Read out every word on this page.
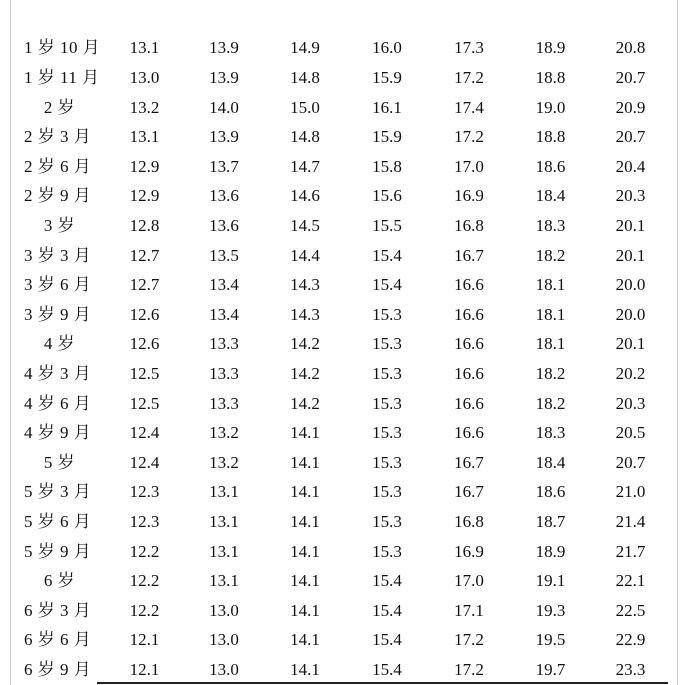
1 岁 10 月	13.1	13.9	14.9	16.0	17.3	18.9	20.8
1 岁 11 月	13.0	13.9	14.8	15.9	17.2	18.8	20.7
2 岁	13.2	14.0	15.0	16.1	17.4	19.0	20.9
2 岁 3 月	13.1	13.9	14.8	15.9	17.2	18.8	20.7
2 岁 6 月	12.9	13.7	14.7	15.8	17.0	18.6	20.4
2 岁 9 月	12.9	13.6	14.6	15.6	16.9	18.4	20.3
3 岁	12.8	13.6	14.5	15.5	16.8	18.3	20.1
3 岁 3 月	12.7	13.5	14.4	15.4	16.7	18.2	20.1
3 岁 6 月	12.7	13.4	14.3	15.4	16.6	18.1	20.0
3 岁 9 月	12.6	13.4	14.3	15.3	16.6	18.1	20.0
4 岁	12.6	13.3	14.2	15.3	16.6	18.1	20.1
4 岁 3 月	12.5	13.3	14.2	15.3	16.6	18.2	20.2
4 岁 6 月	12.5	13.3	14.2	15.3	16.6	18.2	20.3
4 岁 9 月	12.4	13.2	14.1	15.3	16.6	18.3	20.5
5 岁	12.4	13.2	14.1	15.3	16.7	18.4	20.7
5 岁 3 月	12.3	13.1	14.1	15.3	16.7	18.6	21.0
5 岁 6 月	12.3	13.1	14.1	15.3	16.8	18.7	21.4
5 岁 9 月	12.2	13.1	14.1	15.3	16.9	18.9	21.7
6 岁	12.2	13.1	14.1	15.4	17.0	19.1	22.1
6 岁 3 月	12.2	13.0	14.1	15.4	17.1	19.3	22.5
6 岁 6 月	12.1	13.0	14.1	15.4	17.2	19.5	22.9
6 岁 9 月	12.1	13.0	14.1	15.4	17.2	19.7	23.3
